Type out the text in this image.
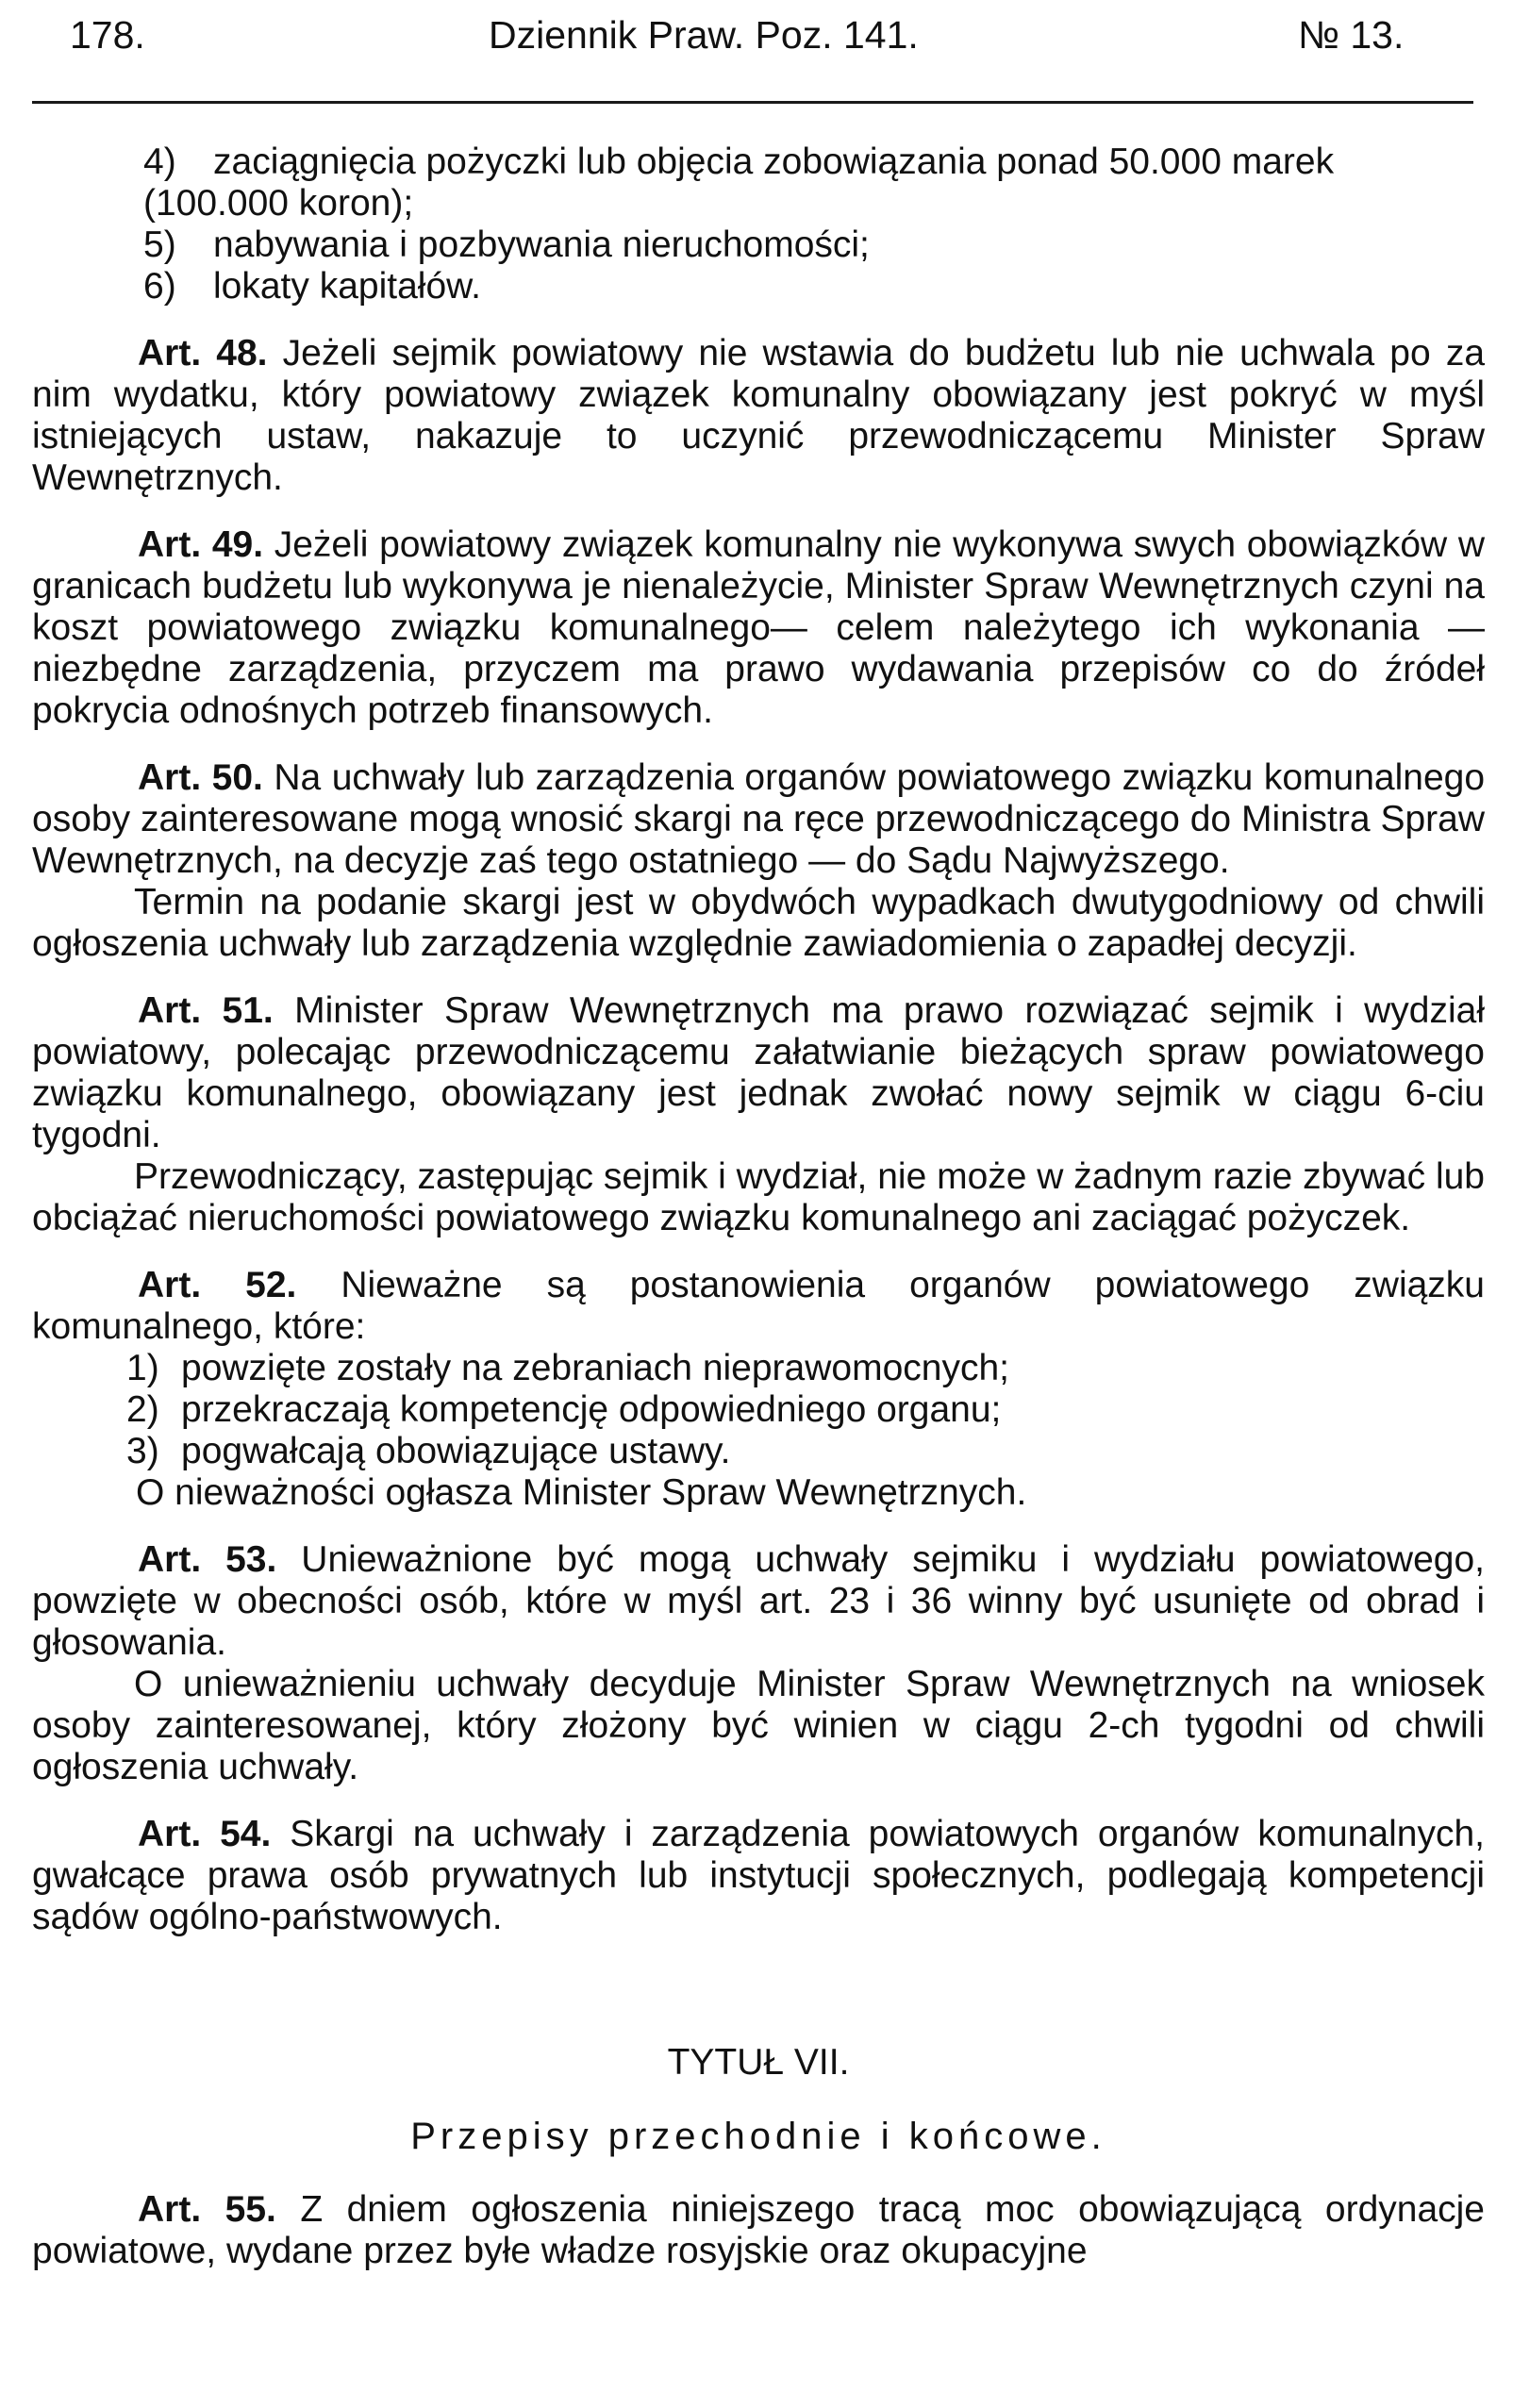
178.	Dziennik Praw. Poz. 141.	№ 13.
4) zaciągnięcia pożyczki lub objęcia zobowiązania ponad 50.000 marek (100.000 koron);
5) nabywania i pozbywania nieruchomości;
6) lokaty kapitałów.
Art. 48. Jeżeli sejmik powiatowy nie wstawia do budżetu lub nie uchwala po za nim wydatku, który powiatowy związek komunalny obowiązany jest pokryć w myśl istniejących ustaw, nakazuje to uczynić przewodniczącemu Minister Spraw Wewnętrznych.
Art. 49. Jeżeli powiatowy związek komunalny nie wykonywa swych obowiązków w granicach budżetu lub wykonywa je nienależycie, Minister Spraw Wewnętrznych czyni na koszt powiatowego związku komunalnego— celem należytego ich wykonania — niezbędne zarządzenia, przyczem ma prawo wydawania przepisów co do źródeł pokrycia odnośnych potrzeb finansowych.
Art. 50. Na uchwały lub zarządzenia organów powiatowego związku komunalnego osoby zainteresowane mogą wnosić skargi na ręce przewodniczącego do Ministra Spraw Wewnętrznych, na decyzje zaś tego ostatniego — do Sądu Najwyższego.
Termin na podanie skargi jest w obydwóch wypadkach dwutygodniowy od chwili ogłoszenia uchwały lub zarządzenia względnie zawiadomienia o zapadłej decyzji.
Art. 51. Minister Spraw Wewnętrznych ma prawo rozwiązać sejmik i wydział powiatowy, polecając przewodniczącemu załatwianie bieżących spraw powiatowego związku komunalnego, obowiązany jest jednak zwołać nowy sejmik w ciągu 6-ciu tygodni.
Przewodniczący, zastępując sejmik i wydział, nie może w żadnym razie zbywać lub obciążać nieruchomości powiatowego związku komunalnego ani zaciągać pożyczek.
Art. 52. Nieważne są postanowienia organów powiatowego związku komunalnego, które:
1) powzięte zostały na zebraniach nieprawomocnych;
2) przekraczają kompetencję odpowiedniego organu;
3) pogwałcają obowiązujące ustawy.
O nieważności ogłasza Minister Spraw Wewnętrznych.
Art. 53. Unieważnione być mogą uchwały sejmiku i wydziału powiatowego, powzięte w obecności osób, które w myśl art. 23 i 36 winny być usunięte od obrad i głosowania.
O unieważnieniu uchwały decyduje Minister Spraw Wewnętrznych na wniosek osoby zainteresowanej, który złożony być winien w ciągu 2-ch tygodni od chwili ogłoszenia uchwały.
Art. 54. Skargi na uchwały i zarządzenia powiatowych organów komunalnych, gwałcące prawa osób prywatnych lub instytucji społecznych, podlegają kompetencji sądów ogólno-państwowych.
TYTUŁ VII.
Przepisy przechodnie i końcowe.
Art. 55. Z dniem ogłoszenia niniejszego tracą moc obowiązującą ordynacje powiatowe, wydane przez byłe władze rosyjskie oraz okupacyjne
